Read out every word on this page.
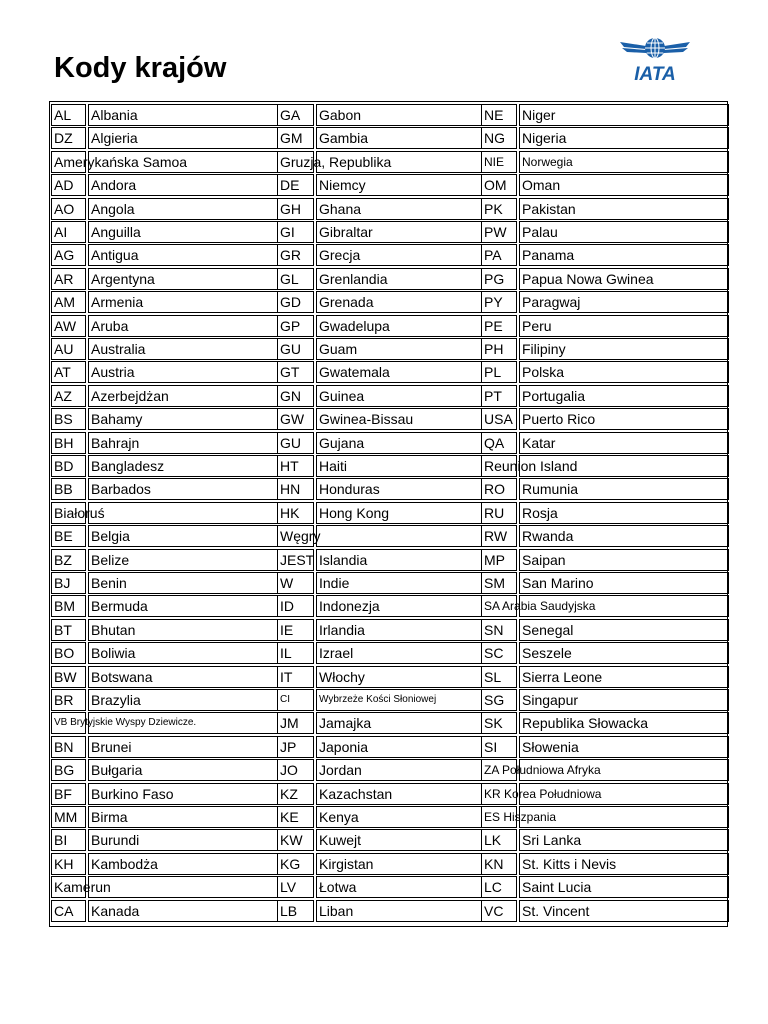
Kody krajów	IATA
Albania
AL
Algieria
DZ
Amerykańska Samoa
Andora
AD
Angola
AO
Anguilla
AI
Antigua
AG
Argentyna
AR
Armenia
AM
Aruba
AW
Australia
AU
Austria
AT
Azerbejdżan
AZ
Bahamy
BS
Bahrajn
BH
Bangladesz
BD
Barbados
BB
Białoruś
Belgia
BE
Belize
BZ
Benin
BJ
Bermuda
BM
Bhutan
BT
Boliwia
BO
Botswana
BW
Brazylia
BR
VB Brytyjskie Wyspy Dziewicze.
Brunei
BN
Bułgaria
BG
Burkino Faso
BF
Birma
MM
Burundi
BI
Kambodża
KH
Kamerun
Kanada
CA
Gabon
GA
Gambia
GM
Gruzja, Republika
Niemcy
DE
Ghana
GH
Gibraltar
GI
Grecja
GR
Grenlandia
GL
Grenada
GD
Gwadelupa
GP
Guam
GU
Gwatemala
GT
Guinea
GN
Gwinea-Bissau
GW
Gujana
GU
Haiti
HT
Honduras
HN
Hong Kong
HK
Węgry
Islandia
JEST
Indie
W
Indonezja
ID
Irlandia
IE
Izrael
IL
Włochy
IT
Wybrzeże Kości Słoniowej
CI
Jamajka
JM
Japonia
JP
Jordan
JO
Kazachstan
KZ
Kenya
KE
Kuwejt
KW
Kirgistan
KG
Łotwa
LV
Liban
LB
Niger
NE
Nigeria
NG
Norwegia
NIE
Oman
OM
Pakistan
PK
Palau
PW
Panama
PA
Papua Nowa Gwinea
PG
Paragwaj
PY
Peru
PE
Filipiny
PH
Polska
PL
Portugalia
PT
Puerto Rico
USA
Katar
QA
Reunion Island
Rumunia
RO
Rosja
RU
Rwanda
RW
Saipan
MP
San Marino
SM
SA Arabia Saudyjska
Senegal
SN
Seszele
SC
Sierra Leone
SL
Singapur
SG
Republika Słowacka
SK
Słowenia
SI
ZA Południowa Afryka
KR Korea Południowa
ES Hiszpania
Sri Lanka
LK
St. Kitts i Nevis
KN
Saint Lucia
LC
St. Vincent
VC
